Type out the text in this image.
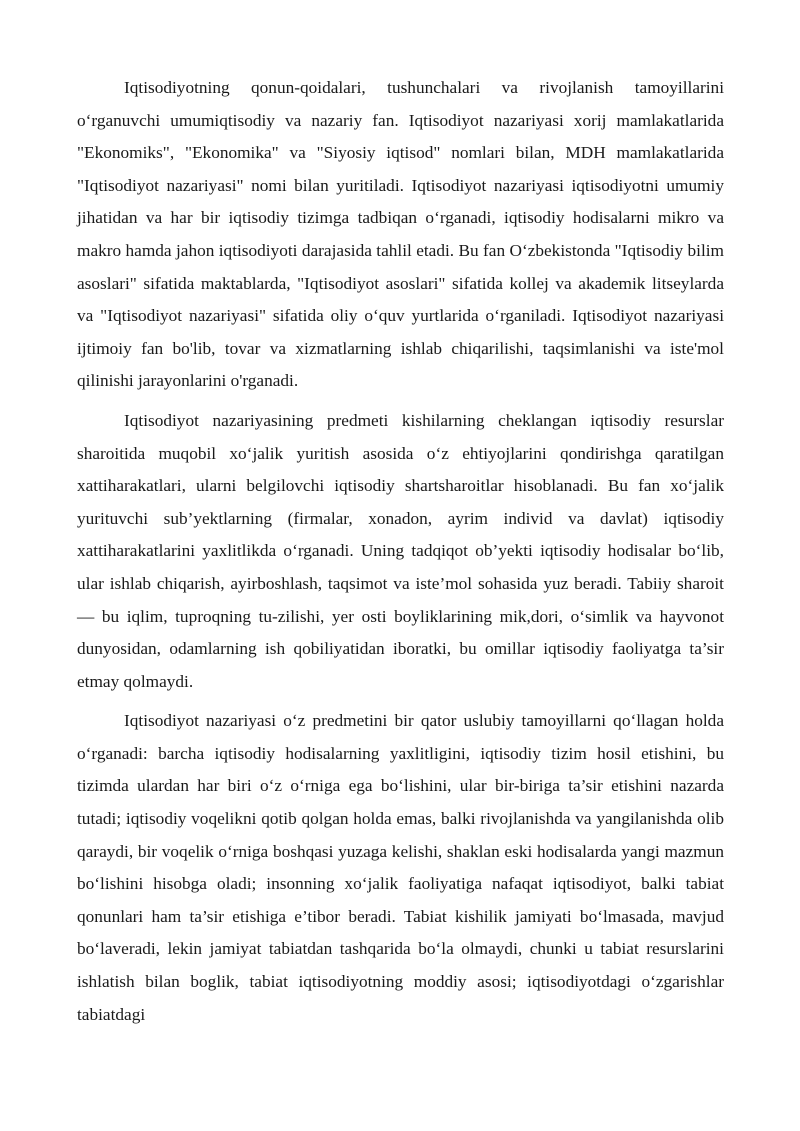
Iqtisodiyotning qonun-qoidalari, tushunchalari va rivojlanish tamoyillarini oʻrganuvchi umumiqtisodiy va nazariy fan. Iqtisodiyot nazariyasi xorij mamlakatlarida "Ekonomiks", "Ekonomika" va "Siyosiy iqtisod" nomlari bilan, MDH mamlakatlarida "Iqtisodiyot nazariyasi" nomi bilan yuritiladi. Iqtisodiyot nazariyasi iqtisodiyotni umumiy jihatidan va har bir iqtisodiy tizimga tadbiqan oʻrganadi, iqtisodiy hodisalarni mikro va makro hamda jahon iqtisodiyoti darajasida tahlil etadi. Bu fan Oʻzbekistonda "Iqtisodiy bilim asoslari" sifatida maktablarda, "Iqtisodiyot asoslari" sifatida kollej va akademik litseylarda va "Iqtisodiyot nazariyasi" sifatida oliy oʻquv yurtlarida oʻrganiladi. Iqtisodiyot nazariyasi ijtimoiy fan bo'lib, tovar va xizmatlarning ishlab chiqarilishi, taqsimlanishi va iste'mol qilinishi jarayonlarini o'rganadi.

Iqtisodiyot nazariyasining predmeti kishilarning cheklangan iqtisodiy resurslar sharoitida muqobil xoʻjalik yuritish asosida oʻz ehtiyojlarini qondirishga qaratilgan xattiharakatlari, ularni belgilovchi iqtisodiy shartsharoitlar hisoblanadi. Bu fan xoʻjalik yurituvchi sub’yektlarning (firmalar, xonadon, ayrim individ va davlat) iqtisodiy xattiharakatlarini yaxlitlikda oʻrganadi. Uning tadqiqot ob’yekti iqtisodiy hodisalar boʻlib, ular ishlab chiqarish, ayirboshlash, taqsimot va iste’mol sohasida yuz beradi. Tabiiy sharoit — bu iqlim, tuproqning tu-zilishi, yer osti boyliklarining mik,dori, oʻsimlik va hayvonot dunyosidan, odamlarning ish qobiliyatidan iboratki, bu omillar iqtisodiy faoliyatga ta’sir etmay qolmaydi.

Iqtisodiyot nazariyasi oʻz predmetini bir qator uslubiy tamoyillarni qoʻllagan holda oʻrganadi: barcha iqtisodiy hodisalarning yaxlitligini, iqtisodiy tizim hosil etishini, bu tizimda ulardan har biri oʻz oʻrniga ega boʻlishini, ular bir-biriga ta’sir etishini nazarda tutadi; iqtisodiy voqelikni qotib qolgan holda emas, balki rivojlanishda va yangilanishda olib qaraydi, bir voqelik oʻrniga boshqasi yuzaga kelishi, shaklan eski hodisalarda yangi mazmun boʻlishini hisobga oladi; insonning xoʻjalik faoliyatiga nafaqat iqtisodiyot, balki tabiat qonunlari ham ta’sir etishiga e’tibor beradi. Tabiat kishilik jamiyati boʻlmasada, mavjud boʻlaveradi, lekin jamiyat tabiatdan tashqarida boʻla olmaydi, chunki u tabiat resurslarini ishlatish bilan boglik, tabiat iqtisodiyotning moddiy asosi; iqtisodiyotdagi oʻzgarishlar tabiatdagi
